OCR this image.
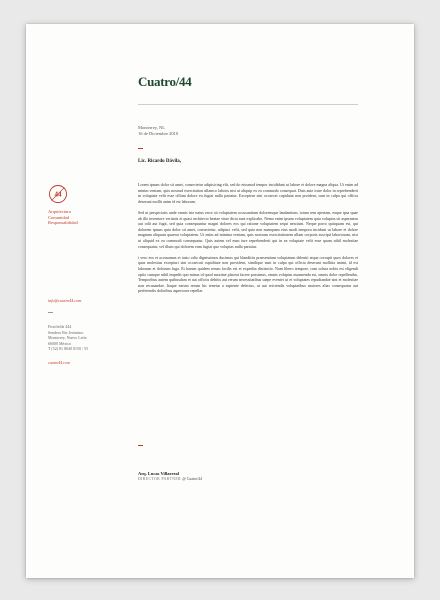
Cuatro/44
Monterrey, NL
16 de Diciembre 2010
Lic. Ricardo Dávila,

Lorem ipsum dolor sit amet, consectetur adipisicing elit, sed do eiusmod tempor incididunt ut labore et dolore magna aliqua. Ut enim ad minim veniam, quis nostrud exercitation ullamco laboris nisi ut aliquip ex ea commodo consequat. Duis aute irure dolor in reprehenderit in voluptate velit esse cillum dolore eu fugiat nulla pariatur. Excepteur sint occaecat cupidatat non proident, sunt in culpa qui officia deserunt mollit anim id est laborum.

Sed ut perspiciatis unde omnis iste natus error sit voluptatem accusantium doloremque laudantium, totam rem aperiam, eaque ipsa quae ab illo inventore veritatis et quasi architecto beatae vitae dicta sunt explicabo. Nemo enim ipsam voluptatem quia voluptas sit aspernatur aut odit aut fugit, sed quia consequuntur magni dolores eos qui ratione voluptatem sequi nesciunt. Neque porro quisquam est, qui dolorem ipsum quia dolor sit amet, consectetur, adipisci velit, sed quia non numquam eius modi tempora incidunt ut labore et dolore magnam aliquam quaerat voluptatem. Ut enim ad minima veniam, quis nostrum exercitationem ullam corporis suscipit laboriosam, nisi ut aliquid ex ea commodi consequatur. Quis autem vel eum iure reprehenderit qui in ea voluptate velit esse quam nihil molestiae consequatur, vel illum qui dolorem eum fugiat quo voluptas nulla pariatur.

t vero eos et accusamus et iusto odio dignissimos ducimus qui blanditiis praesentium voluptatum deleniti atque corrupti quos dolores et quas molestias excepturi sint occaecati cupiditate non provident, similique sunt in culpa qui officia deserunt mollitia animi, id est laborum et dolorum fuga. Et harum quidem rerum facilis est et expedita distinctio. Nam libero tempore, cum soluta nobis est eligendi optio cumque nihil impedit quo minus id quod maxime placeat facere possimus, omnis voluptas assumenda est, omnis dolor repellendus. Temporibus autem quibusdam et aut officiis debitis aut rerum necessitatibus saepe eveniet ut et voluptates repudiandae sint et molestiae non recusandae. Itaque earum rerum hic tenetur a sapiente delectus, ut aut reiciendis voluptatibus maiores alias consequatur aut perferendis doloribus asperiores repellat.

Arq. Lucas Villarreal
DIRECTOR PARTNER @ Cuatro/44
44
Arquitectura
Comunidad
Responsabilidad
info@cuatro44.com
Firstfields 444
Sendero Bis Jerónimo
Monterrey, Nuevo León
66000 México
T (52) 81 8040 0150 / 55
cuatro44.com
